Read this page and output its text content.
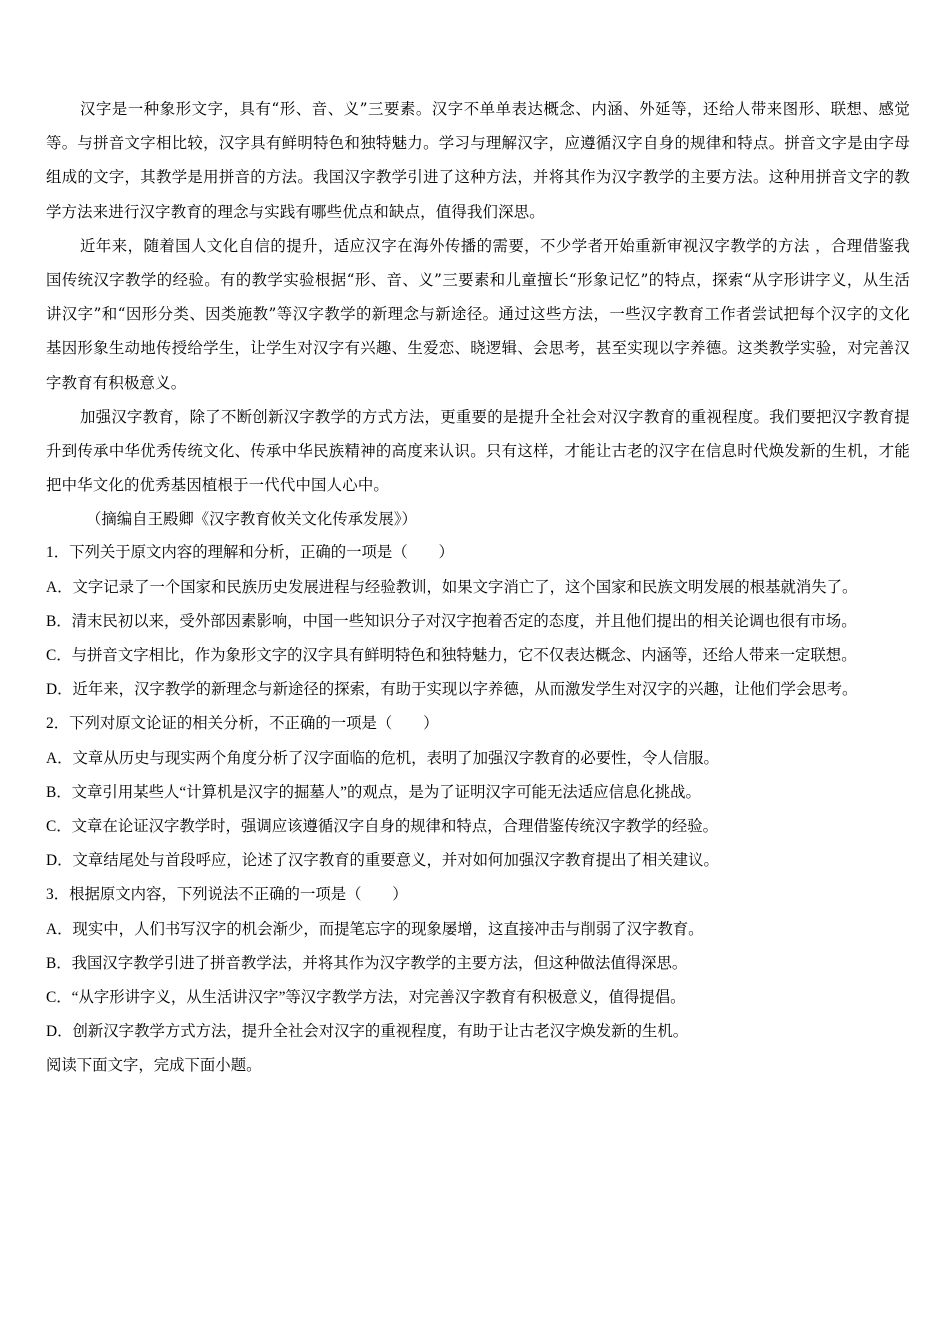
汉字是一种象形文字，具有“形、音、义”三要素。汉字不单单表达概念、内涵、外延等，还给人带来图形、联想、感觉等。与拼音文字相比较，汉字具有鲜明特色和独特魅力。学习与理解汉字，应遵循汉字自身的规律和特点。拼音文字是由字母组成的文字，其教学是用拼音的方法。我国汉字教学引进了这种方法，并将其作为汉字教学的主要方法。这种用拼音文字的教学方法来进行汉字教育的理念与实践有哪些优点和缺点，值得我们深思。

近年来，随着国人文化自信的提升，适应汉字在海外传播的需要，不少学者开始重新审视汉字教学的方法 ，合理借鉴我国传统汉字教学的经验。有的教学实验根据“形、音、义”三要素和儿童擅长“形象记忆”的特点，探索“从字形讲字义，从生活讲汉字”和“因形分类、因类施教”等汉字教学的新理念与新途径。通过这些方法，一些汉字教育工作者尝试把每个汉字的文化基因形象生动地传授给学生，让学生对汉字有兴趣、生爱恋、晓逻辑、会思考，甚至实现以字养德。这类教学实验，对完善汉字教育有积极意义。

加强汉字教育，除了不断创新汉字教学的方式方法，更重要的是提升全社会对汉字教育的重视程度。我们要把汉字教育提升到传承中华优秀传统文化、传承中华民族精神的高度来认识。只有这样，才能让古老的汉字在信息时代焕发新的生机，才能把中华文化的优秀基因植根于一代代中国人心中。

（摘编自王殿卿《汉字教育攸关文化传承发展》）

1．下列关于原文内容的理解和分析，正确的一项是（　　）

A．文字记录了一个国家和民族历史发展进程与经验教训，如果文字消亡了，这个国家和民族文明发展的根基就消失了。

B．清末民初以来，受外部因素影响，中国一些知识分子对汉字抱着否定的态度，并且他们提出的相关论调也很有市场。

C．与拼音文字相比，作为象形文字的汉字具有鲜明特色和独特魅力，它不仅表达概念、内涵等，还给人带来一定联想。

D．近年来，汉字教学的新理念与新途径的探索，有助于实现以字养德，从而激发学生对汉字的兴趣，让他们学会思考。

2．下列对原文论证的相关分析，不正确的一项是（　　）

A．文章从历史与现实两个角度分析了汉字面临的危机，表明了加强汉字教育的必要性，令人信服。

B．文章引用某些人“计算机是汉字的掘墓人”的观点，是为了证明汉字可能无法适应信息化挑战。

C．文章在论证汉字教学时，强调应该遵循汉字自身的规律和特点，合理借鉴传统汉字教学的经验。

D．文章结尾处与首段呼应，论述了汉字教育的重要意义，并对如何加强汉字教育提出了相关建议。

3．根据原文内容，下列说法不正确的一项是（　　）

A．现实中，人们书写汉字的机会渐少，而提笔忘字的现象屡增，这直接冲击与削弱了汉字教育。

B．我国汉字教学引进了拼音教学法，并将其作为汉字教学的主要方法，但这种做法值得深思。

C．“从字形讲字义，从生活讲汉字”等汉字教学方法，对完善汉字教育有积极意义，值得提倡。

D．创新汉字教学方式方法，提升全社会对汉字的重视程度，有助于让古老汉字焕发新的生机。

阅读下面文字，完成下面小题。
